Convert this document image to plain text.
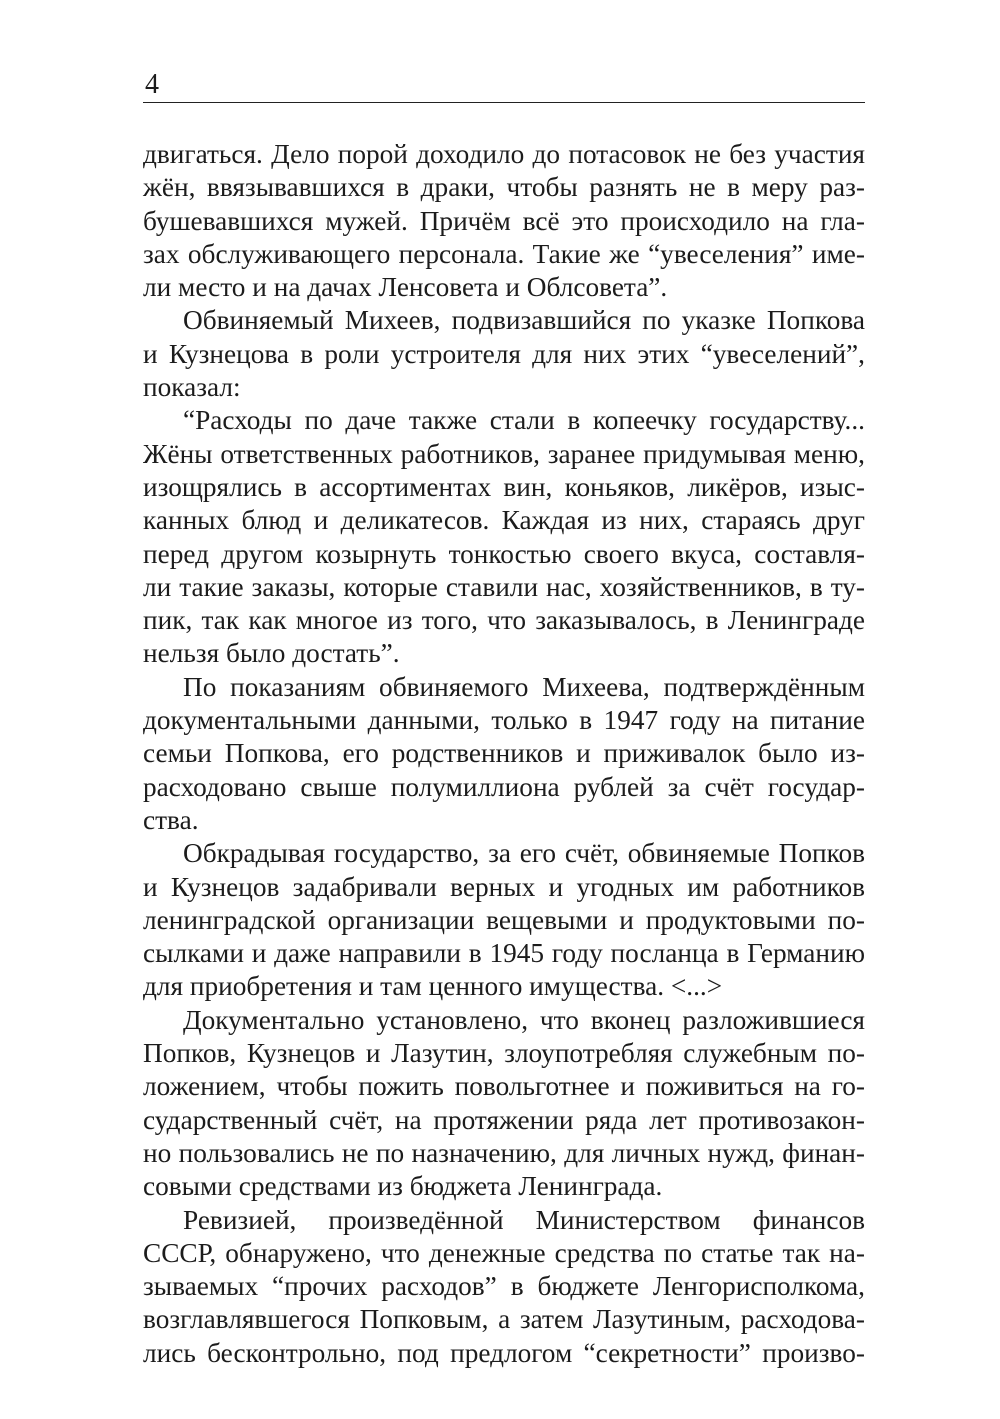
4

двигаться. Дело порой доходило до потасовок не без участия
жён, ввязывавшихся в драки, чтобы разнять не в меру раз-
бушевавшихся мужей. Причём всё это происходило на гла-
зах обслуживающего персонала. Такие же “увеселения” име-
ли место и на дачах Ленсовета и Облсовета”.

Обвиняемый Михеев, подвизавшийся по указке Попкова
и Кузнецова в роли устроителя для них этих “увеселений”,
показал:

“Расходы по даче также стали в копеечку государству...
Жёны ответственных работников, заранее придумывая меню,
изощрялись в ассортиментах вин, коньяков, ликёров, изыс-
канных блюд и деликатесов. Каждая из них, стараясь друг
перед другом козырнуть тонкостью своего вкуса, составля-
ли такие заказы, которые ставили нас, хозяйственников, в ту-
пик, так как многое из того, что заказывалось, в Ленинграде
нельзя было достать”.

По показаниям обвиняемого Михеева, подтверждённым
документальными данными, только в 1947 году на питание
семьи Попкова, его родственников и приживалок было из-
расходовано свыше полумиллиона рублей за счёт государ-
ства.

Обкрадывая государство, за его счёт, обвиняемые Попков
и Кузнецов задабривали верных и угодных им работников
ленинградской организации вещевыми и продуктовыми по-
сылками и даже направили в 1945 году посланца в Германию
для приобретения и там ценного имущества. <...>

Документально установлено, что вконец разложившиеся
Попков, Кузнецов и Лазутин, злоупотребляя служебным по-
ложением, чтобы пожить повольготнее и поживиться на го-
сударственный счёт, на протяжении ряда лет противозакон-
но пользовались не по назначению, для личных нужд, финан-
совыми средствами из бюджета Ленинграда.

Ревизией, произведённой Министерством финансов
СССР, обнаружено, что денежные средства по статье так на-
зываемых “прочих расходов” в бюджете Ленгорисполкома,
возглавлявшегося Попковым, а затем Лазутиным, расходова-
лись бесконтрольно, под предлогом “секретности” произво-
